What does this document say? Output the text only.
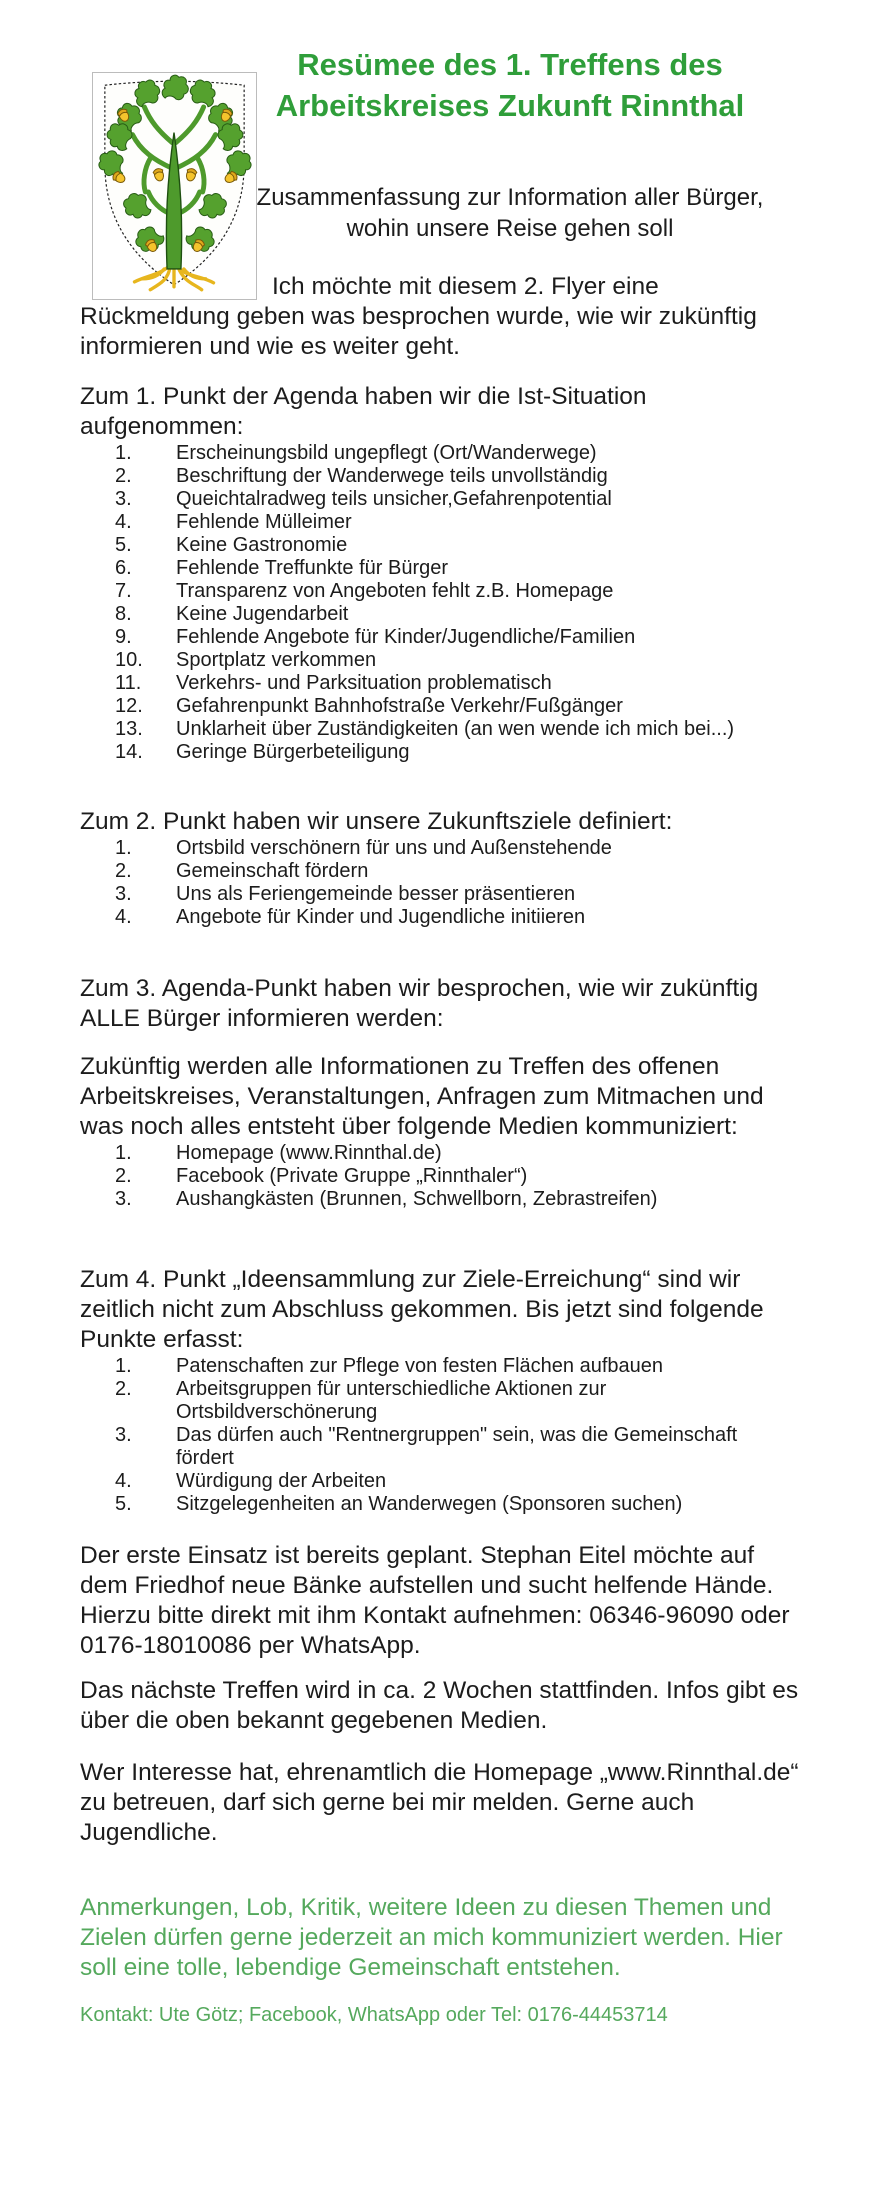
Resümee des 1. Treffens des
Arbeitskreises Zukunft Rinnthal

Zusammenfassung zur Information aller Bürger, wohin unsere Reise gehen soll

Ich möchte mit diesem 2. Flyer eine Rückmeldung geben was besprochen wurde, wie wir zukünftig informieren und wie es weiter geht.

Zum 1. Punkt der Agenda haben wir die Ist-Situation aufgenommen:
Erscheinungsbild ungepflegt (Ort/Wanderwege)
Beschriftung der Wanderwege teils unvollständig
Queichtalradweg teils unsicher,Gefahrenpotential
Fehlende Mülleimer
Keine Gastronomie
Fehlende Treffunkte für Bürger
Transparenz von Angeboten fehlt z.B. Homepage
Keine Jugendarbeit
Fehlende Angebote für Kinder/Jugendliche/Familien
Sportplatz verkommen
Verkehrs- und Parksituation problematisch
Gefahrenpunkt Bahnhofstraße Verkehr/Fußgänger
Unklarheit über Zuständigkeiten (an wen wende ich mich bei...)
Geringe Bürgerbeteiligung
Zum 2. Punkt haben wir unsere Zukunftsziele definiert:
Ortsbild verschönern für uns und Außenstehende
Gemeinschaft fördern
Uns als Feriengemeinde besser präsentieren
Angebote für Kinder und Jugendliche initiieren
Zum 3. Agenda-Punkt haben wir besprochen, wie wir zukünftig ALLE Bürger informieren werden:

Zukünftig werden alle Informationen zu Treffen des offenen Arbeitskreises, Veranstaltungen, Anfragen zum Mitmachen und was noch alles entsteht über folgende Medien kommuniziert:

Homepage (www.Rinnthal.de)
Facebook (Private Gruppe „Rinnthaler“)
Aushangkästen (Brunnen, Schwellborn, Zebrastreifen)
Zum 4. Punkt „Ideensammlung zur Ziele-Erreichung“ sind wir zeitlich nicht zum Abschluss gekommen. Bis jetzt sind folgende Punkte erfasst:
Patenschaften zur Pflege von festen Flächen aufbauen
Arbeitsgruppen für unterschiedliche Aktionen zur Ortsbildverschönerung
Das dürfen auch "Rentnergruppen" sein, was die Gemeinschaft fördert
Würdigung der Arbeiten
Sitzgelegenheiten an Wanderwegen (Sponsoren suchen)

Der erste Einsatz ist bereits geplant. Stephan Eitel möchte auf dem Friedhof neue Bänke aufstellen und sucht helfende Hände. Hierzu bitte direkt mit ihm Kontakt aufnehmen: 06346-96090 oder 0176-18010086 per WhatsApp.

Das nächste Treffen wird in ca. 2 Wochen stattfinden. Infos gibt es über die oben bekannt gegebenen Medien.

Wer Interesse hat, ehrenamtlich die Homepage „www.Rinnthal.de“ zu betreuen, darf sich gerne bei mir melden. Gerne auch Jugendliche.

Anmerkungen, Lob, Kritik, weitere Ideen zu diesen Themen und Zielen dürfen gerne jederzeit an mich kommuniziert werden. Hier soll eine tolle, lebendige Gemeinschaft entstehen.

Kontakt: Ute Götz; Facebook, WhatsApp oder Tel: 0176-44453714
